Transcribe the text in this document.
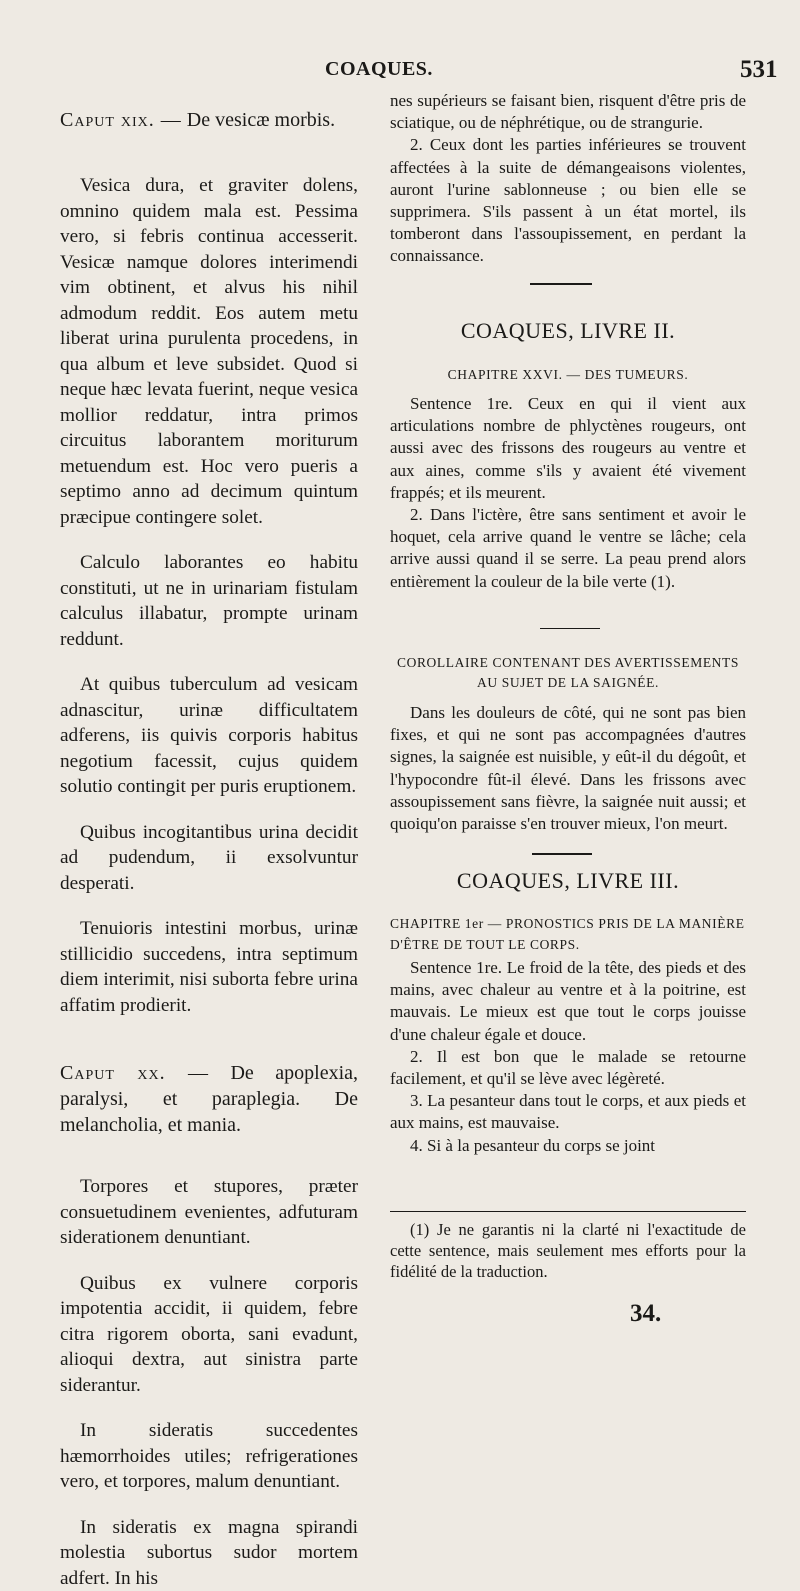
COAQUES.	531

Caput xix. — De vesicæ morbis.

Vesica dura, et graviter dolens, omnino quidem mala est. Pessima vero, si febris continua accesserit. Vesicæ namque dolores interimendi vim obtinent, et alvus his nihil admodum reddit. Eos autem metu liberat urina purulenta procedens, in qua album et leve subsidet. Quod si neque hæc levata fuerint, neque vesica mollior reddatur, intra primos circuitus laborantem moriturum metuendum est. Hoc vero pueris a septimo anno ad decimum quintum præcipue contingere solet.

Calculo laborantes eo habitu constituti, ut ne in urinariam fistulam calculus illabatur, prompte urinam reddunt.

At quibus tuberculum ad vesicam adnascitur, urinæ difficultatem adferens, iis quivis corporis habitus negotium facessit, cujus quidem solutio contingit per puris eruptionem.

Quibus incogitantibus urina decidit ad pudendum, ii exsolvuntur desperati.

Tenuioris intestini morbus, urinæ stillicidio succedens, intra septimum diem interimit, nisi suborta febre urina affatim prodierit.

Caput xx. — De apoplexia, paralysi, et paraplegia. De melancholia, et mania.

Torpores et stupores, præter consuetudinem evenientes, adfuturam siderationem denuntiant.

Quibus ex vulnere corporis impotentia accidit, ii quidem, febre citra rigorem oborta, sani evadunt, alioqui dextra, aut sinistra parte siderantur.

In sideratis succedentes hæmorrhoides utiles; refrigerationes vero, et torpores, malum denuntiant.

In sideratis ex magna spirandi molestia subortus sudor mortem adfert. In his

nes supérieurs se faisant bien, risquent d'être pris de sciatique, ou de néphrétique, ou de strangurie.

2. Ceux dont les parties inférieures se trouvent affectées à la suite de démangeaisons violentes, auront l'urine sablonneuse ; ou bien elle se supprimera. S'ils passent à un état mortel, ils tomberont dans l'assoupissement, en perdant la connaissance.

COAQUES, LIVRE II.
CHAPITRE XXVI. — DES TUMEURS.

Sentence 1re. Ceux en qui il vient aux articulations nombre de phlyctènes rougeurs, ont aussi avec des frissons des rougeurs au ventre et aux aines, comme s'ils y avaient été vivement frappés; et ils meurent.

2. Dans l'ictère, être sans sentiment et avoir le hoquet, cela arrive quand le ventre se lâche; cela arrive aussi quand il se serre. La peau prend alors entièrement la couleur de la bile verte (1).

COROLLAIRE CONTENANT DES AVERTISSEMENTS
AU SUJET DE LA SAIGNÉE.

Dans les douleurs de côté, qui ne sont pas bien fixes, et qui ne sont pas accompagnées d'autres signes, la saignée est nuisible, y eût-il du dégoût, et l'hypocondre fût-il élevé. Dans les frissons avec assoupissement sans fièvre, la saignée nuit aussi; et quoiqu'on paraisse s'en trouver mieux, l'on meurt.

COAQUES, LIVRE III.
CHAPITRE 1er — PRONOSTICS PRIS DE LA MANIÈRE D'ÊTRE DE TOUT LE CORPS.

Sentence 1re. Le froid de la tête, des pieds et des mains, avec chaleur au ventre et à la poitrine, est mauvais. Le mieux est que tout le corps jouisse d'une chaleur égale et douce.

2. Il est bon que le malade se retourne facilement, et qu'il se lève avec légèreté.

3. La pesanteur dans tout le corps, et aux pieds et aux mains, est mauvaise.

4. Si à la pesanteur du corps se joint

(1) Je ne garantis ni la clarté ni l'exactitude de cette sentence, mais seulement mes efforts pour la fidélité de la traduction.

34.
